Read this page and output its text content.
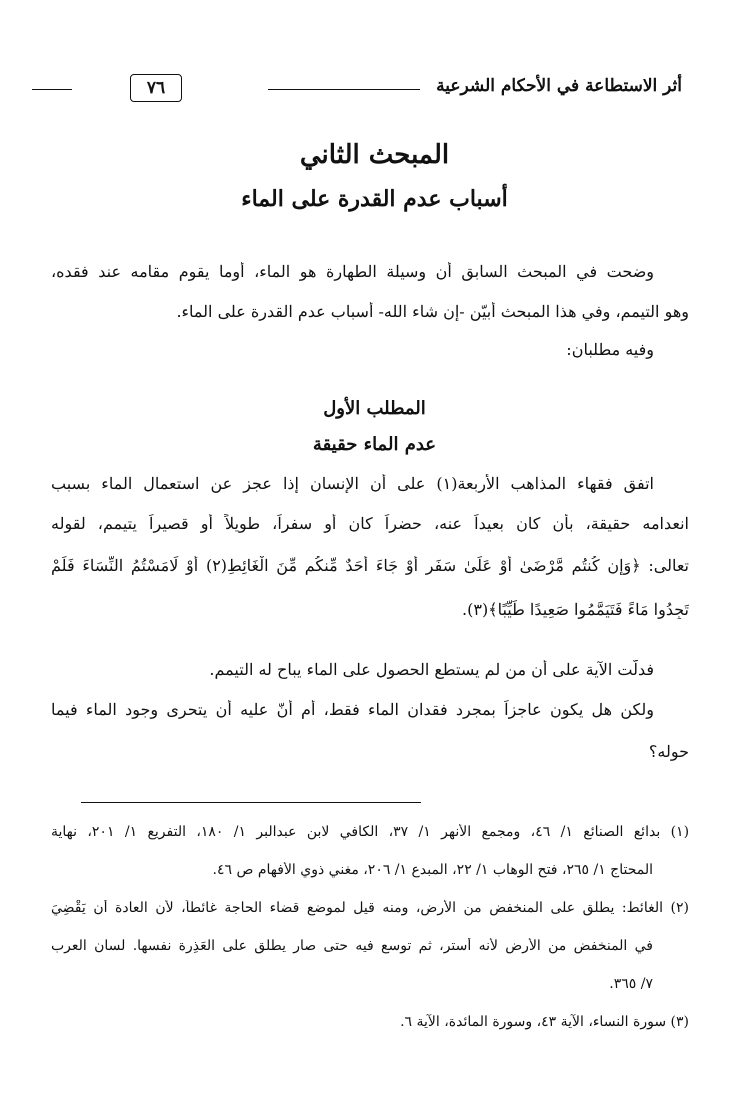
أثر الاستطاعة في الأحكام الشرعية
٧٦
المبحث الثاني
أسباب عدم القدرة على الماء
وضحت في المبحث السابق أن وسيلة الطهارة هو الماء، أوما يقوم مقامه عند فقده،
وهو التيمم، وفي هذا المبحث أبيّن -إن شاء الله- أسباب عدم القدرة على الماء.
وفيه مطلبان:
المطلب الأول
عدم الماء حقيقة
اتفق فقهاء المذاهب الأربعة(١) على أن الإنسان إذا عجز عن استعمال الماء بسبب
انعدامه حقيقة، بأن كان بعيداً عنه، حضراً كان أو سفراً، طويلاً أو قصيراً يتيمم، لقوله
تعالى: ﴿وَإِن كُنتُم مَّرْضَىٰ أَوْ عَلَىٰ سَفَرٍ أَوْ جَاءَ أَحَدٌ مِّنكُم مِّنَ الْغَائِطِ(٢) أَوْ لَامَسْتُمُ النِّسَاءَ فَلَمْ
تَجِدُوا مَاءً فَتَيَمَّمُوا صَعِيدًا طَيِّبًا﴾(٣).
فدلّت الآية على أن من لم يستطع الحصول على الماء يباح له التيمم.
ولكن هل يكون عاجزاً بمجرد فقدان الماء فقط، أم أنّ عليه أن يتحرى وجود الماء فيما
حوله؟
(١) بدائع الصنائع ١/ ٤٦، ومجمع الأنهر ١/ ٣٧، الكافي لابن عبدالبر ١/ ١٨٠، التفريع ١/ ٢٠١، نهاية
المحتاج ١/ ٢٦٥، فتح الوهاب ١/ ٢٢، المبدع ١/ ٢٠٦، مغني ذوي الأفهام ص ٤٦.
(٢) الغائط: يطلق على المنخفض من الأرض، ومنه قيل لموضع قضاء الحاجة غائطاً، لأن العادة أن يَقْضِيَ
في المنخفض من الأرض لأنه أستر، ثم توسع فيه حتى صار يطلق على العَذِرة نفسها. لسان العرب
٧/ ٣٦٥.
(٣) سورة النساء، الآية ٤٣، وسورة المائدة، الآية ٦.
